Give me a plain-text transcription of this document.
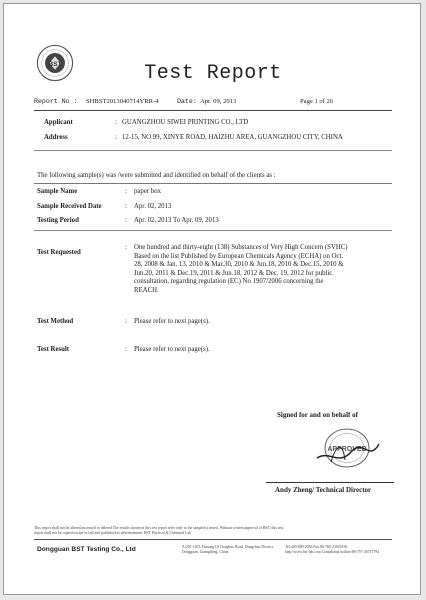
BST	Test Report
Report No : SHBST2013040714YRR-4	Date: Apr. 09, 2013	Page 1 of 26
Applicant	: GUANGZHOU SIWEI PRINTING CO., LTD
Address	: 12-15, NO.99, XINYE ROAD, HAIZHU AREA, GUANGZHOU CITY, CHINA
The following sample(s) was /were submitted and identified on behalf of the clients as :
Sample Name	: paper box
Sample Received Date	: Apr. 02, 2013
Testing Period	: Apr. 02, 2013 To Apr. 09, 2013
Test Requested
: One hundred and thirty-eight (138) Substances of Very High Concern (SVHC)
Based on the list Published by European Chemicals Agency (ECHA) on Oct.
28, 2008 & Jan. 13, 2010 & Mar.30, 2010 & Jun.18, 2010 & Dec.15, 2010 &
Jun.20, 2011 & Dec.19, 2011 & Jun.18, 2012 & Dec. 19, 2012 for public
consultation, regarding regulation (EC) No 1907/2006 concerning the
REACH.
Test Method	: Please refer to next page(s).
Test Result	: Please refer to next page(s).
Signed for and on behalf of
APPROVED
Andy Zheng/ Technical Director
This report shall not be altered,increased or deleted.The results shown in this test report refer only to the sample(s) tested. Without written approval of BST, this test
report shall not be copied except in full and published as advertisement. BST Physical & Chemical Lab
Dongguan BST Testing Co., Ltd	A/201-1203 Xinsong Of Dongbao Road, Dongchao District,
Dongguan, Guangdong, China
Tel:400-880-2056 Fax:86-769-23026196
http://www.bst-lab.com Complaints hotline:86-757-26747794
